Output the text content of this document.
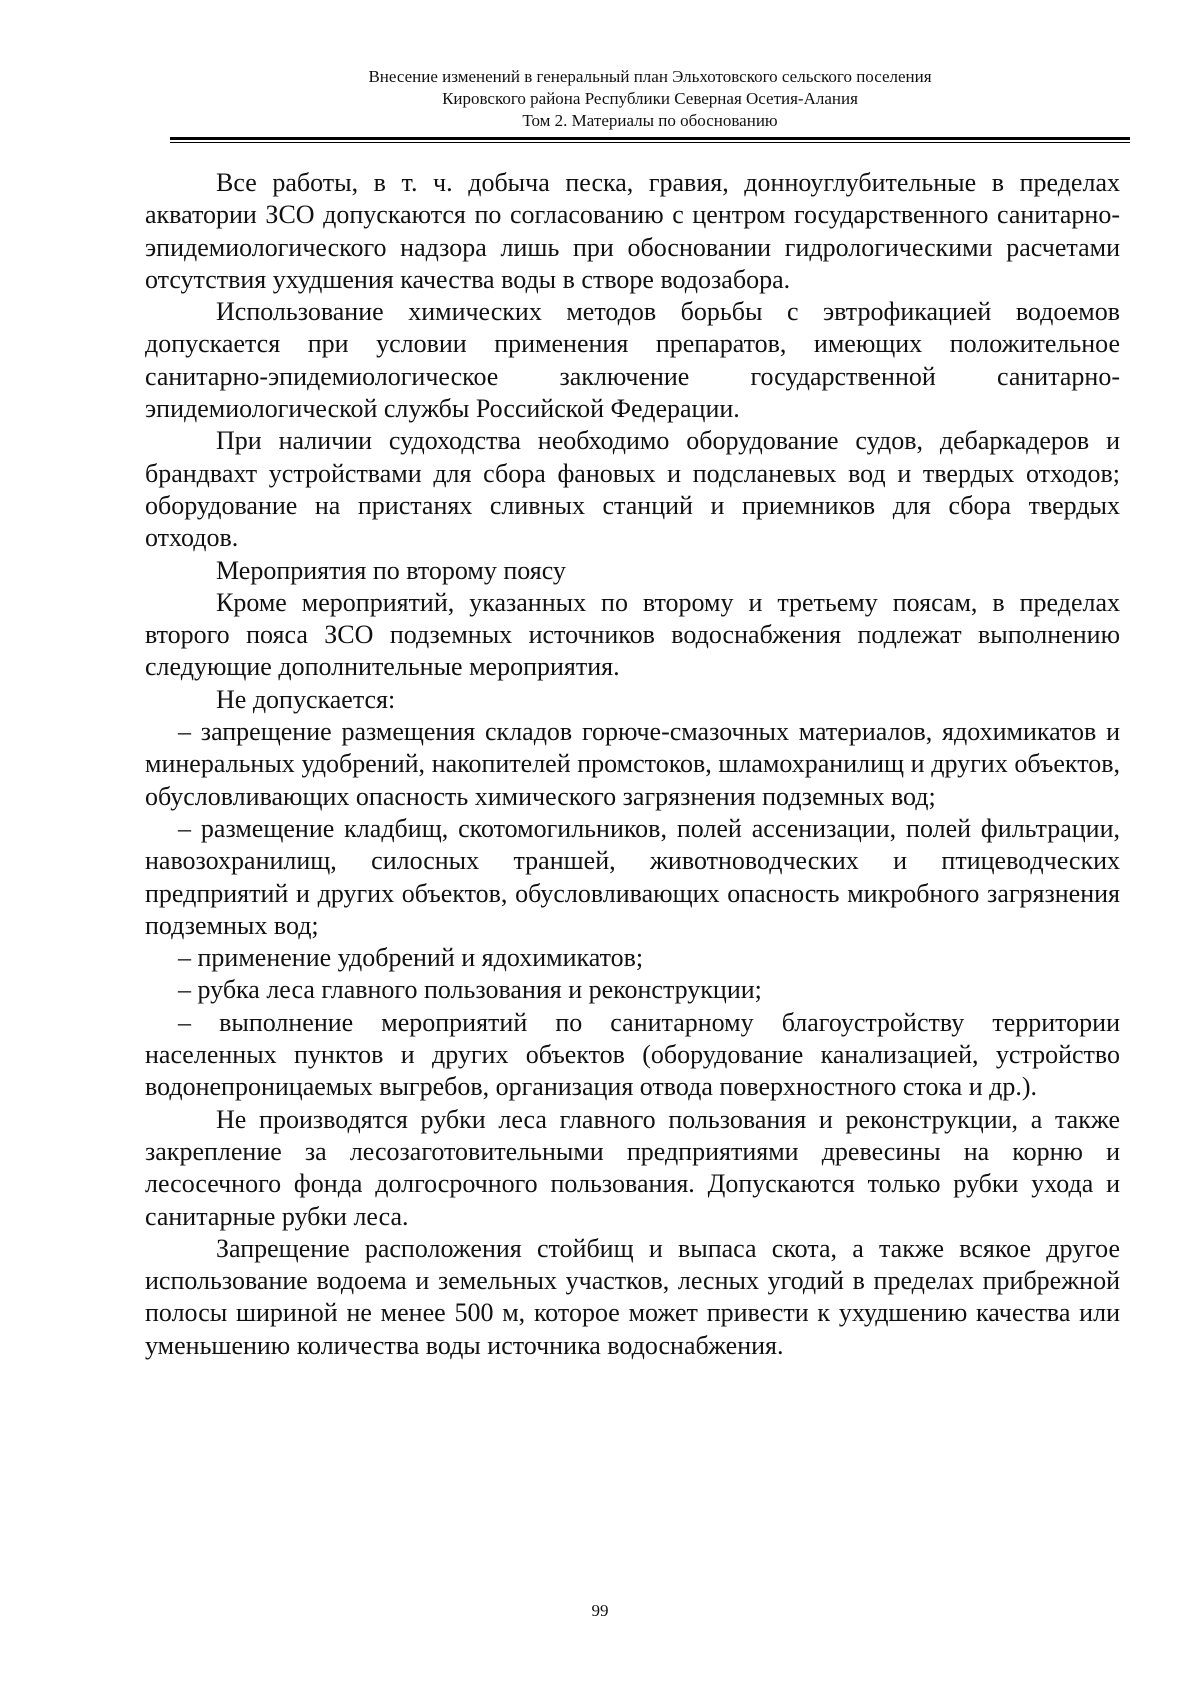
Внесение изменений в генеральный план Эльхотовского сельского поселения
Кировского района Республики Северная Осетия-Алания
Том 2. Материалы по обоснованию

Все работы, в т. ч. добыча песка, гравия, донноуглубительные в пределах акватории ЗСО допускаются по согласованию с центром государственного санитарно-эпидемиологического надзора лишь при обосновании гидрологическими расчетами отсутствия ухудшения качества воды в створе водозабора.

Использование химических методов борьбы с эвтрофикацией водоемов допускается при условии применения препаратов, имеющих положительное санитарно-эпидемиологическое заключение государственной санитарно-эпидемиологической службы Российской Федерации.

При наличии судоходства необходимо оборудование судов, дебаркадеров и брандвахт устройствами для сбора фановых и подсланевых вод и твердых отходов; оборудование на пристанях сливных станций и приемников для сбора твердых отходов.

Мероприятия по второму поясу

Кроме мероприятий, указанных по второму и третьему поясам, в пределах второго пояса ЗСО подземных источников водоснабжения подлежат выполнению следующие дополнительные мероприятия.

Не допускается:

– запрещение размещения складов горюче-смазочных материалов, ядохимикатов и минеральных удобрений, накопителей промстоков, шламохранилищ и других объектов, обусловливающих опасность химического загрязнения подземных вод;

– размещение кладбищ, скотомогильников, полей ассенизации, полей фильтрации, навозохранилищ, силосных траншей, животноводческих и птицеводческих предприятий и других объектов, обусловливающих опасность микробного загрязнения подземных вод;

– применение удобрений и ядохимикатов;

– рубка леса главного пользования и реконструкции;

– выполнение мероприятий по санитарному благоустройству территории населенных пунктов и других объектов (оборудование канализацией, устройство водонепроницаемых выгребов, организация отвода поверхностного стока и др.).

Не производятся рубки леса главного пользования и реконструкции, а также закрепление за лесозаготовительными предприятиями древесины на корню и лесосечного фонда долгосрочного пользования. Допускаются только рубки ухода и санитарные рубки леса.

Запрещение расположения стойбищ и выпаса скота, а также всякое другое использование водоема и земельных участков, лесных угодий в пределах прибрежной полосы шириной не менее 500 м, которое может привести к ухудшению качества или уменьшению количества воды источника водоснабжения.

99
